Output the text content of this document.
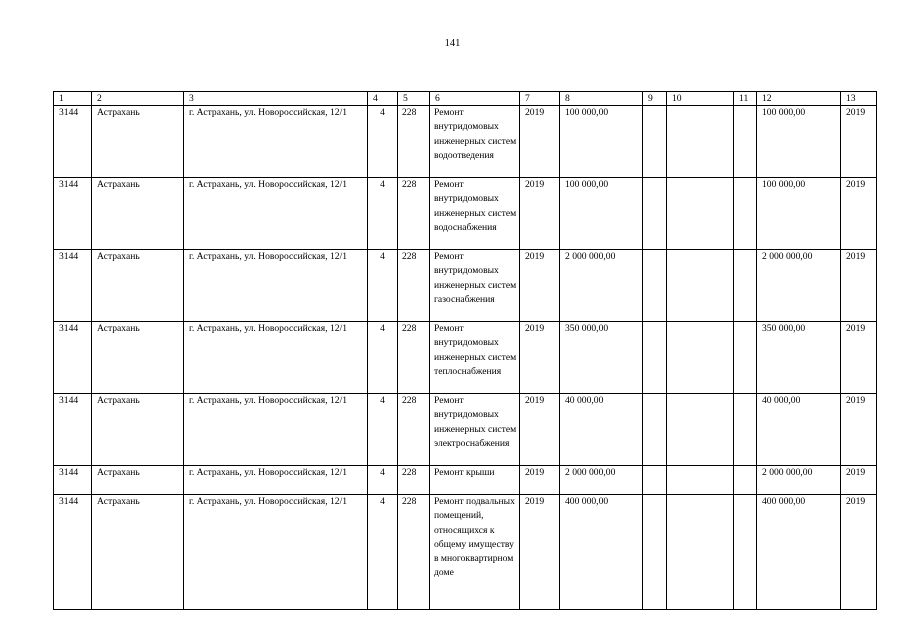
141
1	2	3	4	5	6	7	8	9	10	11	12	13
3144	Астрахань	г. Астрахань, ул. Новороссийская, 12/1	4	228	Ремонт внутридомовых инженерных систем водоотведения	2019	100 000,00				100 000,00	2019
3144	Астрахань	г. Астрахань, ул. Новороссийская, 12/1	4	228	Ремонт внутридомовых инженерных систем водоснабжения	2019	100 000,00				100 000,00	2019
3144	Астрахань	г. Астрахань, ул. Новороссийская, 12/1	4	228	Ремонт внутридомовых инженерных систем газоснабжения	2019	2 000 000,00				2 000 000,00	2019
3144	Астрахань	г. Астрахань, ул. Новороссийская, 12/1	4	228	Ремонт внутридомовых инженерных систем теплоснабжения	2019	350 000,00				350 000,00	2019
3144	Астрахань	г. Астрахань, ул. Новороссийская, 12/1	4	228	Ремонт внутридомовых инженерных систем электроснабжения	2019	40 000,00				40 000,00	2019
3144	Астрахань	г. Астрахань, ул. Новороссийская, 12/1	4	228	Ремонт крыши	2019	2 000 000,00				2 000 000,00	2019
3144	Астрахань	г. Астрахань, ул. Новороссийская, 12/1	4	228	Ремонт подвальных помещений, относящихся к общему имуществу в многоквартирном доме	2019	400 000,00				400 000,00	2019
